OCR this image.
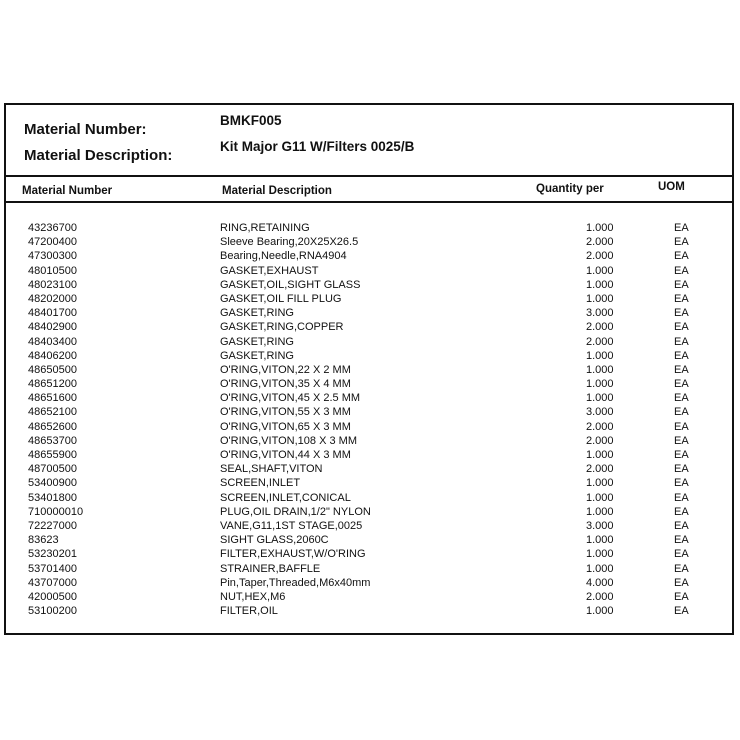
Material Number:
BMKF005
Material Description:
Kit Major G11 W/Filters 0025/B
Material Number	Material Description	Quantity per	UOM
43236700	RING,RETAINING	1.000	EA
47200400	Sleeve Bearing,20X25X26.5	2.000	EA
47300300	Bearing,Needle,RNA4904	2.000	EA
48010500	GASKET,EXHAUST	1.000	EA
48023100	GASKET,OIL,SIGHT GLASS	1.000	EA
48202000	GASKET,OIL FILL PLUG	1.000	EA
48401700	GASKET,RING	3.000	EA
48402900	GASKET,RING,COPPER	2.000	EA
48403400	GASKET,RING	2.000	EA
48406200	GASKET,RING	1.000	EA
48650500	O'RING,VITON,22 X 2 MM	1.000	EA
48651200	O'RING,VITON,35 X 4 MM	1.000	EA
48651600	O'RING,VITON,45 X 2.5 MM	1.000	EA
48652100	O'RING,VITON,55 X 3 MM	3.000	EA
48652600	O'RING,VITON,65 X 3 MM	2.000	EA
48653700	O'RING,VITON,108 X 3 MM	2.000	EA
48655900	O'RING,VITON,44 X 3 MM	1.000	EA
48700500	SEAL,SHAFT,VITON	2.000	EA
53400900	SCREEN,INLET	1.000	EA
53401800	SCREEN,INLET,CONICAL	1.000	EA
710000010	PLUG,OIL DRAIN,1/2" NYLON	1.000	EA
72227000	VANE,G11,1ST STAGE,0025	3.000	EA
83623	SIGHT GLASS,2060C	1.000	EA
53230201	FILTER,EXHAUST,W/O'RING	1.000	EA
53701400	STRAINER,BAFFLE	1.000	EA
43707000	Pin,Taper,Threaded,M6x40mm	4.000	EA
42000500	NUT,HEX,M6	2.000	EA
53100200	FILTER,OIL	1.000	EA
